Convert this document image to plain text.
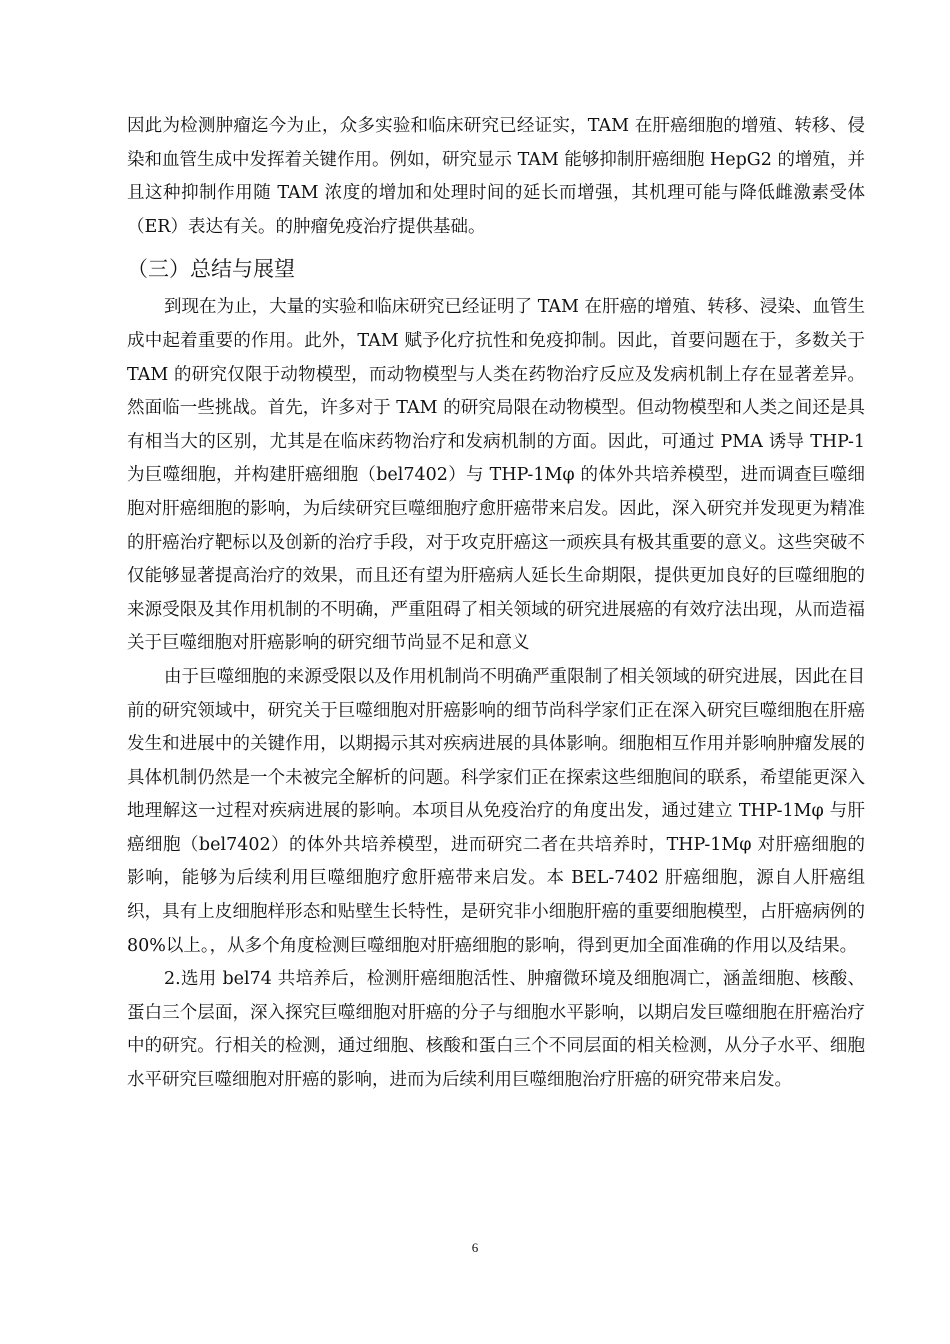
因此为检测肿瘤迄今为止，众多实验和临床研究已经证实，TAM 在肝癌细胞的增殖、转移、侵染和血管生成中发挥着关键作用。例如，研究显示 TAM 能够抑制肝癌细胞 HepG2 的增殖，并且这种抑制作用随 TAM 浓度的增加和处理时间的延长而增强，其机理可能与降低雌激素受体（ER）表达有关。的肿瘤免疫治疗提供基础。

（三）总结与展望

到现在为止，大量的实验和临床研究已经证明了 TAM 在肝癌的增殖、转移、浸染、血管生成中起着重要的作用。此外，TAM 赋予化疗抗性和免疫抑制。因此，首要问题在于，多数关于 TAM 的研究仅限于动物模型，而动物模型与人类在药物治疗反应及发病机制上存在显著差异。然面临一些挑战。首先，许多对于 TAM 的研究局限在动物模型。但动物模型和人类之间还是具有相当大的区别，尤其是在临床药物治疗和发病机制的方面。因此，可通过 PMA 诱导 THP-1 为巨噬细胞，并构建肝癌细胞（bel7402）与 THP-1Mφ 的体外共培养模型，进而调查巨噬细胞对肝癌细胞的影响，为后续研究巨噬细胞疗愈肝癌带来启发。因此，深入研究并发现更为精准的肝癌治疗靶标以及创新的治疗手段，对于攻克肝癌这一顽疾具有极其重要的意义。这些突破不仅能够显著提高治疗的效果，而且还有望为肝癌病人延长生命期限，提供更加良好的巨噬细胞的来源受限及其作用机制的不明确，严重阻碍了相关领域的研究进展癌的有效疗法出现，从而造福关于巨噬细胞对肝癌影响的研究细节尚显不足和意义

由于巨噬细胞的来源受限以及作用机制尚不明确严重限制了相关领域的研究进展，因此在目前的研究领域中，研究关于巨噬细胞对肝癌影响的细节尚科学家们正在深入研究巨噬细胞在肝癌发生和进展中的关键作用，以期揭示其对疾病进展的具体影响。细胞相互作用并影响肿瘤发展的具体机制仍然是一个未被完全解析的问题。科学家们正在探索这些细胞间的联系，希望能更深入地理解这一过程对疾病进展的影响。本项目从免疫治疗的角度出发，通过建立 THP-1Mφ 与肝癌细胞（bel7402）的体外共培养模型，进而研究二者在共培养时，THP-1Mφ 对肝癌细胞的影响，能够为后续利用巨噬细胞疗愈肝癌带来启发。本 BEL-7402 肝癌细胞，源自人肝癌组织，具有上皮细胞样形态和贴壁生长特性，是研究非小细胞肝癌的重要细胞模型，占肝癌病例的 80%以上。，从多个角度检测巨噬细胞对肝癌细胞的影响，得到更加全面准确的作用以及结果。

2.选用 bel74 共培养后，检测肝癌细胞活性、肿瘤微环境及细胞凋亡，涵盖细胞、核酸、蛋白三个层面，深入探究巨噬细胞对肝癌的分子与细胞水平影响，以期启发巨噬细胞在肝癌治疗中的研究。行相关的检测，通过细胞、核酸和蛋白三个不同层面的相关检测，从分子水平、细胞水平研究巨噬细胞对肝癌的影响，进而为后续利用巨噬细胞治疗肝癌的研究带来启发。

6
